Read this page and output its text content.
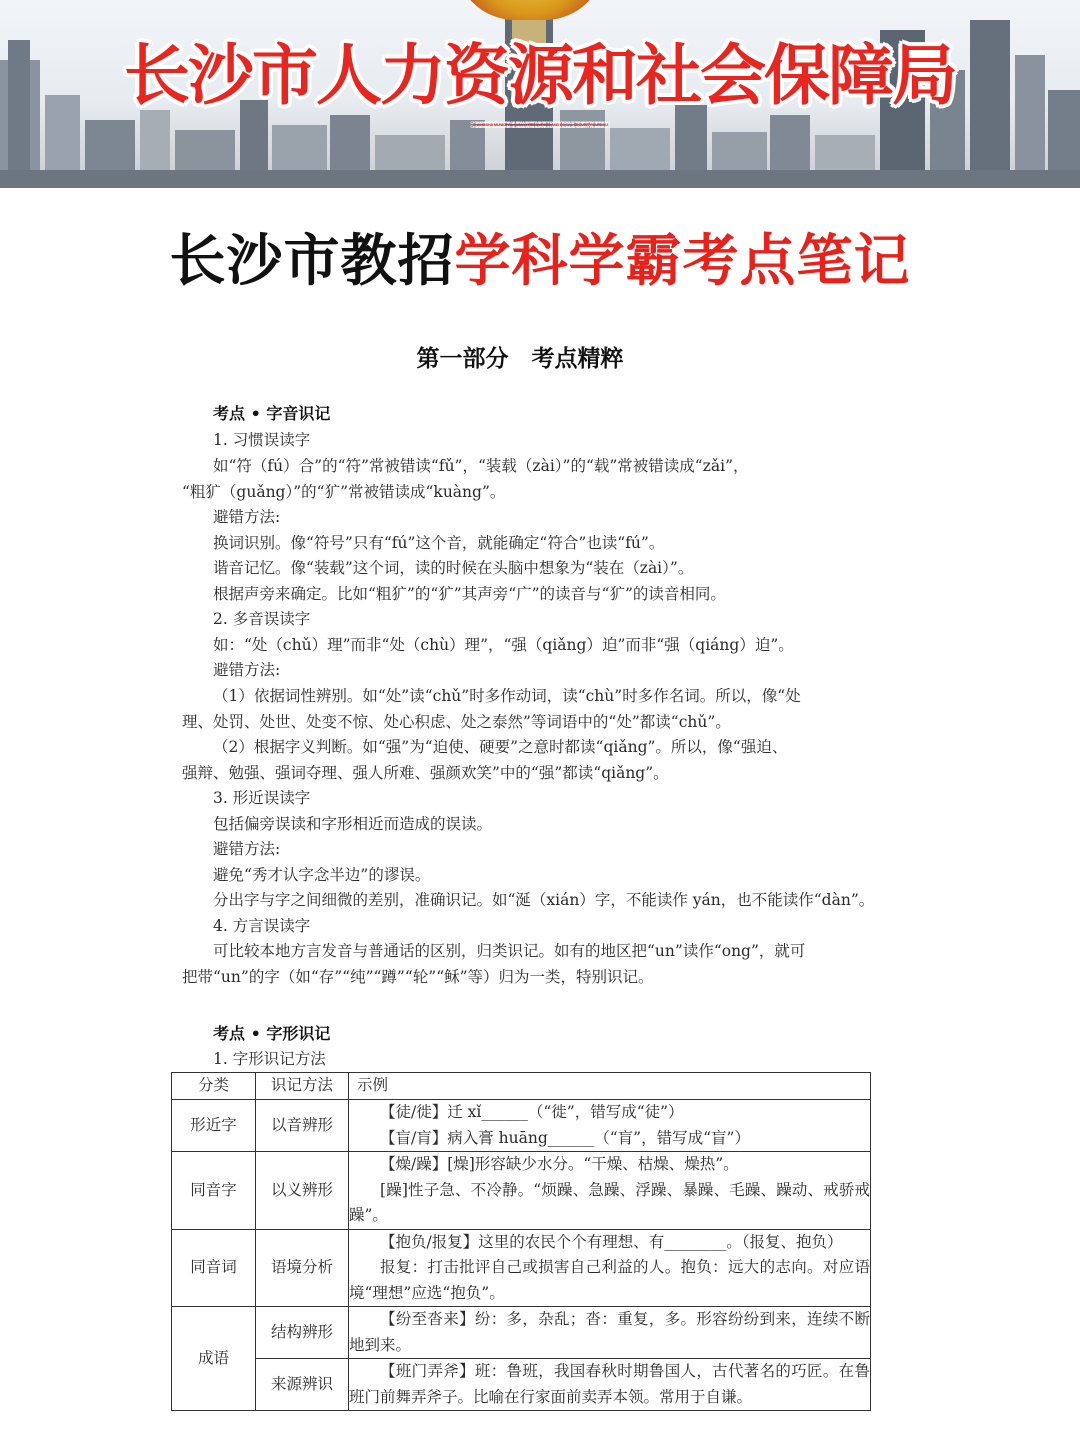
长沙市人力资源和社会保障局
CHANGSHA MUNICIPAL HUMAN RESOURCES AND SOCIAL SECURITY BUREAU
长沙市教招学科学霸考点笔记
第一部分　考点精粹
考点 • 字音识记
1. 习惯误读字
如“符（fú）合”的“符”常被错读“fǔ”，“装载（zài）”的“载”常被错读成“zǎi”，
“粗犷（guǎng）”的“犷”常被错读成“kuàng”。
避错方法:
换词识别。像“符号”只有“fú”这个音，就能确定“符合”也读“fú”。
谐音记忆。像“装载”这个词，读的时候在头脑中想象为“装在（zài）”。
根据声旁来确定。比如“粗犷”的“犷”其声旁“广”的读音与“犷”的读音相同。
2. 多音误读字
如：“处（chǔ）理”而非“处（chù）理”，“强（qiǎng）迫”而非“强（qiáng）迫”。
避错方法:
（1）依据词性辨别。如“处”读“chǔ”时多作动词，读“chù”时多作名词。所以，像“处
理、处罚、处世、处变不惊、处心积虑、处之泰然”等词语中的“处”都读“chǔ”。
（2）根据字义判断。如“强”为“迫使、硬要”之意时都读“qiǎng”。所以，像“强迫、
强辩、勉强、强词夺理、强人所难、强颜欢笑”中的“强”都读“qiǎng”。
3. 形近误读字
包括偏旁误读和字形相近而造成的误读。
避错方法:
避免“秀才认字念半边”的谬误。
分出字与字之间细微的差别，准确识记。如“涎（xián）字，不能读作 yán，也不能读作“dàn”。
4. 方言误读字
可比较本地方言发音与普通话的区别，归类识记。如有的地区把“un”读作“ong”，就可
把带“un”的字（如“存”“纯”“蹲”“轮”“稣”等）归为一类，特别识记。
考点 • 字形识记
1. 字形识记方法
分类	识记方法	示例
形近字	以音辨形	【徒/徙】迁 xǐ______（“徙”，错写成“徒”）
【盲/肓】病入膏 huāng______（“肓”，错写成“盲”）

同音字	以义辨形	【燥/躁】[燥]形容缺少水分。“干燥、枯燥、燥热”。
[躁]性子急、不冷静。“烦躁、急躁、浮躁、暴躁、毛躁、躁动、戒骄戒躁”。

同音词	语境分析	【抱负/报复】这里的农民个个有理想、有________。（报复、抱负）
报复：打击批评自己或损害自己利益的人。抱负：远大的志向。对应语境“理想”应选“抱负”。

成语	结构辨形	【纷至沓来】纷：多，杂乱；沓：重复，多。形容纷纷到来，连续不断地到来。

	来源辨识	【班门弄斧】班：鲁班，我国春秋时期鲁国人，古代著名的巧匠。在鲁班门前舞弄斧子。比喻在行家面前卖弄本领。常用于自谦。
